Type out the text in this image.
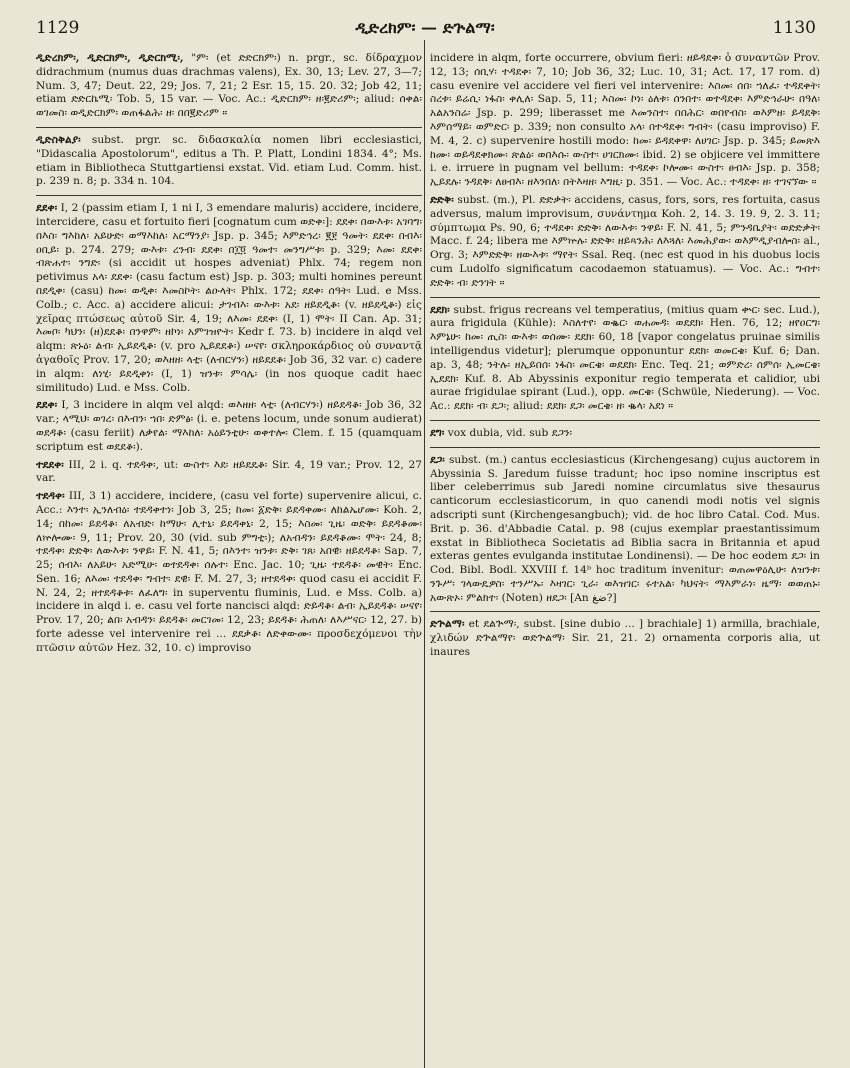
1129	ዲድረክም፡ — ድጕልማ፡	1130

ዲድረክም፡, ዲድርክም፡, ዲድርክሚ፡, "ም፡ (et ድድርክም፡) n. prgr., sc. δίδραχμον didrachmum (numus duas drachmas valens), Ex. 30, 13; Lev. 27, 3—7; Num. 3, 47; Deut. 22, 29; Jos. 7, 21; 2 Esr. 15, 15. 20. 32; Job 42, 11; etiam ድድርኬሚ፡ Tob. 5, 15 var. — Voc. Ac.: ዲድርክም፡ ዘ፡፪ድሪም፡; aliud: ሰቀል፡ ወገመስ፡ ወዲድርክም፡ ወጠፋልሕ፡ ዘ፡ በበ፪ድሪም ።

ዲድስቅልያ፡ subst. prgr. sc. διδασκαλία nomen libri ecclesiastici, "Didascalia Apostolorum", editus a Th. P. Platt, Londini 1834. 4°; Ms. etiam in Bibliotheca Stuttgartiensi exstat. Vid. etiam Lud. Comm. hist. p. 239 n. 8; p. 334 n. 104.

ደደቀ፡ I, 2 (passim etiam I, 1 ni I, 3 emendare maluris) accidere, incidere, intercidere, casu et fortuito fieri [cognatum cum ወድቀ፡]: ደደቀ፡ በውእቱ፡ አገባግ፡ በእስ፡ ግእከለ፡ አይሁድ፡ ወማእከለ፡ አርማንያ፡ Jsp. p. 345; እምድኅረ፡ ፪፻ ዓመት፡ ደደቀ፡ በብእ፡ ዐቢይ፡ p. 274. 279; ውእቱ፡ ረንብ፡ ደደቀ፡ በ፲፬ ዓመተ፡ መንግሥቱ፡ p. 329; እመ፡ ደደቀ፡ ብጽሐተ፡ ንግድ፡ (si accidit ut hospes adveniat) Phlx. 74; regem non petivimus አላ፡ ደደቀ፡ (casu factum est) Jsp. p. 303; multi homines pereunt በደዲቀ፡ (casu) ከመ፡ ወዲቀ፡ እመስኮት፡ ልዑላት፡ Phlx. 172; ደደቀ፡ ሰዓት፡ Lud. e Mss. Colb.; c. Acc. a) accidere alicui: ታገብእ፡ ውእቱ፡ አደ፡ ዘይደዲቆ፡ (v. ዘይደዲቆ፡) εἰς χεῖρας πτώσεως αὐτοῦ Sir. 4, 19; ለእመ፡ ደደቀ፡ (I, 1) ሞት፡ II Can. Ap. 31; እመቦ፡ ካህን፡ (ዘ)ደደቆ፡ በንዋም፡ ዘኮነ፡ አምገዝዮት፡ Kedr f. 73. b) incidere in alqd vel alqm: ጽኑዕ፡ ልብ፡ ኢይደዲቆ፡ (v. pro ኢይደደቆ፡) ሠናየ፡ σκληροκάρδιος οὐ συναντᾷ ἀγαθοῖς Prov. 17, 20; ወእዘዘ፡ ላቲ፡ (ለብርሃን፡) ዘይደደቆ፡ Job 36, 32 var. c) cadere in alqm: ለነሂ፡ ይደዲቀነ፡ (I, 1) ዝንቱ፡ ምሳሌ፡ (in nos quoque cadit haec similitudo) Lud. e Mss. Colb.

ደደቀ፡ I, 3 incidere in alqm vel alqd: ወእዘዘ፡ ላቲ፡ (ለብርሃን፡) ዘይደዳቆ፡ Job 36, 32 var.; ላሚህ፡ ወገረ፡ በእብን፡ ኀበ፡ ድምፅ፡ (i. e. petens locum, unde sonum audierat) ወደዳቆ፡ (casu feriit) ለቃየል፡ ማእከለ፡ አዕይንቲሁ፡ ወቀተሎ፡ Clem. f. 15 (quamquam scriptum est ወደደቆ፡).

ተደደቀ፡ III, 2 i. q. ተደዳቀ፡, ut: ውስተ፡ እደ፡ ዘይደዴቆ፡ Sir. 4, 19 var.; Prov. 12, 27 var.

ተደዳቀ፡ III, 3 1) accidere, incidere, (casu vel forte) supervenire alicui, c. Acc.: እንተ፡ ኢንለብዕ፡ ተደዳቀተነ፡ Job 3, 25; ከመ፡ ፩ድቅ፡ ይደዳቀሙ፡ ለከልኤሆሙ፡ Koh. 2, 14; በከመ፡ ይደዳቆ፡ ለአብድ፡ ከማሁ፡ ሊተኒ፡ ይደዳቀኒ፡ 2, 15; እስመ፡ ጊዜ፡ ወድቅ፡ ይደዳቆሙ፡ ለኵሎሙ፡ 9, 11; Prov. 20, 30 (vid. sub ምግቲ፡); ለአብዳን፡ ይደዳቆሙ፡ ሞት፡ 24, 8; ተደዳቀ፡ ድድቅ፡ ለውእቱ፡ ንዋይ፡ F. N. 41, 5; በእንተ፡ ዝንቱ፡ ድቅ፡ ገጸ፡ አበዊ፡ ዘይደዳቆ፡ Sap. 7, 25; ሰብእ፡ ለአይሁ፡ አድሚሁ፡ ወተደዳቀ፡ ሰሉተ፡ Enc. Jac. 10; ጊዜ፡ ተደዳቆ፡ መዊት፡ Enc. Sen. 16; ለእመ፡ ተደዳቀ፡ ግብተ፡ ደዊ፡ F. M. 27, 3; ዘተደዳቀ፡ quod casu ei accidit F. N. 24, 2; ዘተደዳቆቱ፡ ለፈለግ፡ in superventu fluminis, Lud. e Mss. Colb. a) incidere in alqd i. e. casu vel forte nancisci alqd: ድይዳቆ፡ ልብ፡ ኢይደዳቆ፡ ሠናየ፡ Prov. 17, 20; ልበ፡ አብዳን፡ ይደዳቆ፡ መርገመ፡ 12, 23; ይደዳቆ፡ ሕጠለ፡ ለእሥናር፡ 12, 27. b) forte adesse vel intervenire rei ... ደደቃቆ፡ ለድቀውሙ፡ προσδεχόμενοι τὴν πτῶσιν αὐτῶν Hez. 32, 10. c) improviso

incidere in alqm, forte occurrere, obvium fieri: ዘይዳደቀ፡ ὁ συναντῶν Prov. 12, 13; ሰቢሃ፡ ተዳደቀ፡ 7, 10; Job 36, 32; Luc. 10, 31; Act. 17, 17 rom. d) casu evenire vel accidere vel fieri vel intervenire: እስመ፡ ሰበ፡ ኀለፈ፡ ተዳደቀት፡ ስረቱ፡ ይሬሲ፡ ነፋስ፡ ቀሊለ፡ Sap. 5, 11; እስመ፡ ኮነ፡ ዕለቱ፡ ሰንበተ፡ ወተዳደቀ፡ እምድኅራሁ፡ በዓለ፡ አልአንስሬ፡ Jsp. p. 299; liberasset me እመንስተ፡ በበሕር፡ ወበየብስ፡ ወእምዘ፡ ይዳደቅ፡ እምሰማይ፡ ወምድር፡ p. 339; non consulto አላ፡ በተዳደቀ፡ ግብት፡ (casu improviso) F. M. 4, 2. c) supervenire hostili modo: ከመ፡ ይዳደቀዋ፡ ለሀገር፡ Jsp. p. 345; ይመጽእ ከሙ፡ ወይዳደቀክሙ፡ ጽልዕ፡ ወበእሱ፡ ውስተ፡ ሀገርክሙ፡ ibid. 2) se objicere vel immittere i. e. irruere in pugnam vel bellum: ተዳደቀ፡ ኮሎሙ፡ ውስተ፡ ፀብእ፡ Jsp. p. 358; ኢይደሉ፡ ንዳደቅ፡ ለፀብእ፡ ዘእንበለ፡ በትእዛዘ፡ እግዚ፡ p. 351. — Voc. Ac.: ተዳደቀ፡ ዘ፡ ተገናኘው ።

ድድቅ፡ subst. (m.), Pl. ድድቃት፡ accidens, casus, fors, sors, res fortuita, casus adversus, malum improvisum, συνάντημα Koh. 2, 14. 3. 19. 9, 2. 3. 11; σύμπτωμα Ps. 90, 6; ተዳደቀ፡ ድድቅ፡ ለውእቱ፡ ንዋይ፡ F. N. 41, 5; ምንዳቤያት፡ ወድድቃት፡ Macc. f. 24; libera me እምኵሉ፡ ድድቅ፡ ዘይጻንሕ፡ ለእጓለ፡ እመሕያው፡ ወእምዲያብሎስ፡ al., Org. 3; እምድድቅ፡ ዘውእቱ፡ ማየት፡ Ssal. Req. (nec est quod in his duobus locis cum Ludolfo significatum cacodaemon statuamus). — Voc. Ac.: ግብተ፡ ድድቅ፡ ብ፡ ድንገት ።

ደደክ፡ subst. frigus recreans vel temperatius, (mitius quam ቍር፡ sec. Lud.), aura frigidula (Kühle): እስለተየ፡ ወቈር፡ ወሐመዳ፡ ወደደክ፡ Hen. 76, 12; ዘየዐርግ፡ እምኔሁ፡ ከመ፡ ጢስ፡ ውእቱ፡ ወሰሙ፡ ደደክ፡ 60, 18 [vapor congelatus pruinae similis intelligendus videtur]; plerumque opponuntur ደደክ፡ ወመርቄ፡ Kuf. 6; Dan. ap. 3, 48; ንትሉ፡ ዘኢይበሰ፡ ነፋስ፡ መርቄ፡ ወደደክ፡ Enc. Teq. 21; ወምድረ፡ ሰምሰ፡ ኢመርቄ፡ ኢደደክ፡ Kuf. 8. Ab Abyssinis exponitur regio temperata et calidior, ubi aurae frigidulae spirant (Lud.), opp. መርቄ፡ (Schwüle, Niederung). — Voc. Ac.: ደደክ፡ ብ፡ ደጋ፡; aliud: ደደክ፡ ደጋ፡ መርቄ፡ ዘ፡ ቈላ፡ አደነ ።

ደግ፡ vox dubia, vid. sub ደጋን፡

ደጋ፡ subst. (m.) cantus ecclesiasticus (Kirchengesang) cujus auctorem in Abyssinia S. Jaredum fuisse tradunt; hoc ipso nomine inscriptus est liber celeberrimus sub Jaredi nomine circumlatus sive thesaurus canticorum ecclesiasticorum, in quo canendi modi notis vel signis adscripti sunt (Kirchengesangbuch); vid. de hoc libro Catal. Cod. Mus. Brit. p. 36. d'Abbadie Catal. p. 98 (cujus exemplar praestantissimum exstat in Bibliotheca Societatis ad Biblia sacra in Britannia et apud exteras gentes evulganda institutae Londinensi). — De hoc eodem ደጋ፡ in Cod. Bibl. Bodl. XXVIII f. 14ᵇ hoc traditum invenitur: ወጠመዋዕሊሁ፡ ለዝንቱ፡ ንጉሥ፡ ገላውዴዎስ፡ ተንሥኡ፡ እዛገር፡ ጊራ፡ ወእዝገር፡ ሩተአል፡ ካህናት፡ ማእምራነ፡ ዜማ፡ ወወጠኑ፡ አውጽኦ፡ ምልክተ፡ (Noten) ዘደጋ፡ [An ضغ?]

ድጕልማ፡ et ደልጕማ፡, subst. [sine dubio ... ] brachiale] 1) armilla, brachiale, χλιδών ድጕልማየ፡ ወድጕልማ፡ Sir. 21, 21. 2) ornamenta corporis alia, ut inaures
